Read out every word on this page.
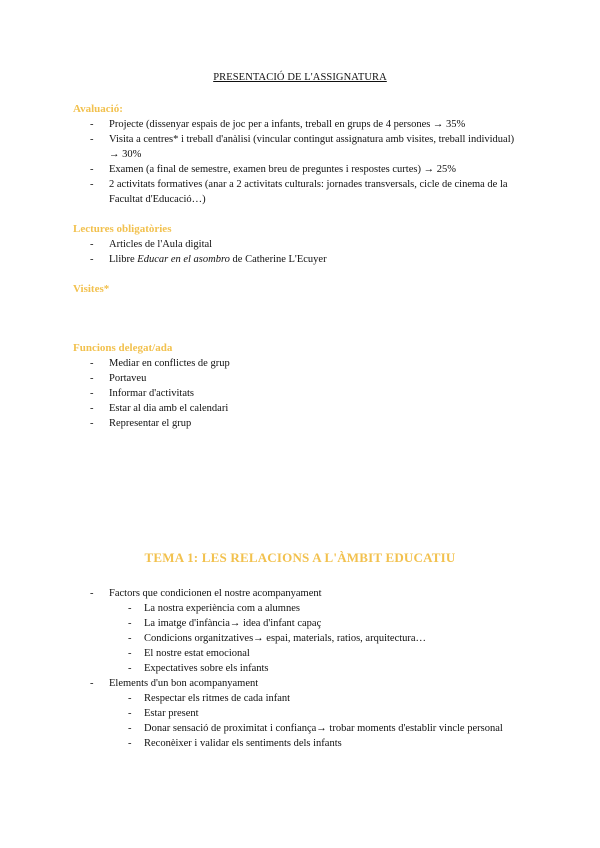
PRESENTACIÓ DE L'ASSIGNATURA
Avaluació:
- Projecte (dissenyar espais de joc per a infants, treball en grups de 4 persones → 35%
- Visita a centres* i treball d'anàlisi (vincular contingut assignatura amb visites, treball individual) → 30%
- Examen (a final de semestre, examen breu de preguntes i respostes curtes) → 25%
- 2 activitats formatives (anar a 2 activitats culturals: jornades transversals, cicle de cinema de la Facultat d'Educació…)
Lectures obligatòries
- Articles de l'Aula digital
- Llibre Educar en el asombro de Catherine L'Ecuyer
Visites*
Funcions delegat/ada
- Mediar en conflictes de grup
- Portaveu
- Informar d'activitats
- Estar al dia amb el calendari
- Representar el grup
TEMA 1: LES RELACIONS A L'ÀMBIT EDUCATIU
- Factors que condicionen el nostre acompanyament
- La nostra experiència com a alumnes
- La imatge d'infància→ idea d'infant capaç
- Condicions organitzatives→ espai, materials, ratios, arquitectura…
- El nostre estat emocional
- Expectatives sobre els infants
- Elements d'un bon acompanyament
- Respectar els ritmes de cada infant
- Estar present
- Donar sensació de proximitat i confiança→ trobar moments d'establir vincle personal
- Reconèixer i validar els sentiments dels infants
